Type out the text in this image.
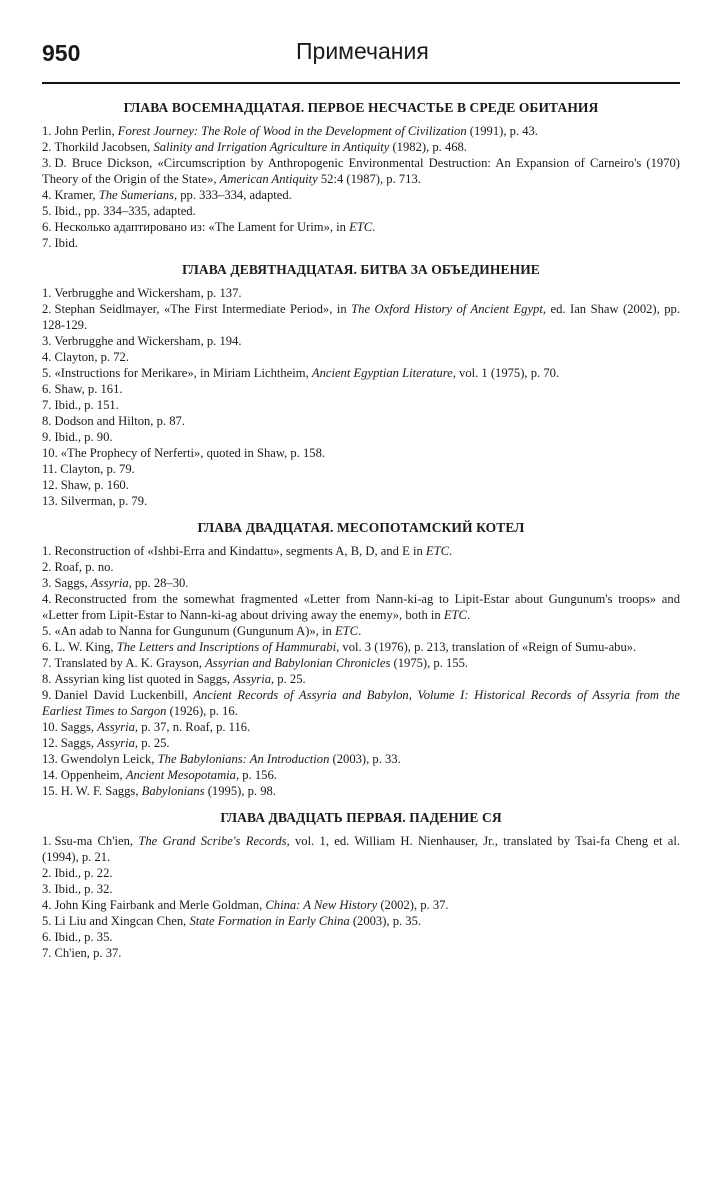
950	Примечания
ГЛАВА ВОСЕМНАДЦАТАЯ. ПЕРВОЕ НЕСЧАСТЬЕ В СРЕДЕ ОБИТАНИЯ
1. John Perlin, Forest Journey: The Role of Wood in the Development of Civilization (1991), p. 43.
2. Thorkild Jacobsen, Salinity and Irrigation Agriculture in Antiquity (1982), p. 468.
3. D. Bruce Dickson, «Circumscription by Anthropogenic Environmental Destruction: An Expansion of Carneiro's (1970) Theory of the Origin of the State», American Antiquity 52:4 (1987), p. 713.
4. Kramer, The Sumerians, pp. 333–334, adapted.
5. Ibid., pp. 334–335, adapted.
6. Несколько адаптировано из: «The Lament for Urim», in ETC.
7. Ibid.
ГЛАВА ДЕВЯТНАДЦАТАЯ. БИТВА ЗА ОБЪЕДИНЕНИЕ
1. Verbrugghe and Wickersham, p. 137.
2. Stephan Seidlmayer, «The First Intermediate Period», in The Oxford History of Ancient Egypt, ed. Ian Shaw (2002), pp. 128-129.
3. Verbrugghe and Wickersham, p. 194.
4. Clayton, p. 72.
5. «Instructions for Merikare», in Miriam Lichtheim, Ancient Egyptian Literature, vol. 1 (1975), p. 70.
6. Shaw, p. 161.
7. Ibid., p. 151.
8. Dodson and Hilton, p. 87.
9. Ibid., p. 90.
10. «The Prophecy of Nerferti», quoted in Shaw, p. 158.
11. Clayton, p. 79.
12. Shaw, p. 160.
13. Silverman, p. 79.
ГЛАВА ДВАДЦАТАЯ. МЕСОПОТАМСКИЙ КОТЕЛ
1. Reconstruction of «Ishbi-Erra and Kindattu», segments A, B, D, and E in ETC.
2. Roaf, p. no.
3. Saggs, Assyria, pp. 28–30.
4. Reconstructed from the somewhat fragmented «Letter from Nann-ki-ag to Lipit-Estar about Gungunum's troops» and «Letter from Lipit-Estar to Nann-ki-ag about driving away the enemy», both in ETC.
5. «An adab to Nanna for Gungunum (Gungunum A)», in ETC.
6. L. W. King, The Letters and Inscriptions of Hammurabi, vol. 3 (1976), p. 213, translation of «Reign of Sumu-abu».
7. Translated by A. K. Grayson, Assyrian and Babylonian Chronicles (1975), p. 155.
8. Assyrian king list quoted in Saggs, Assyria, p. 25.
9. Daniel David Luckenbill, Ancient Records of Assyria and Babylon, Volume I: Historical Records of Assyria from the Earliest Times to Sargon (1926), p. 16.
10. Saggs, Assyria, p. 37, n. Roaf, p. 116.
12. Saggs, Assyria, p. 25.
13. Gwendolyn Leick, The Babylonians: An Introduction (2003), p. 33.
14. Oppenheim, Ancient Mesopotamia, p. 156.
15. H. W. F. Saggs, Babylonians (1995), p. 98.
ГЛАВА ДВАДЦАТЬ ПЕРВАЯ. ПАДЕНИЕ СЯ
1. Ssu-ma Ch'ien, The Grand Scribe's Records, vol. 1, ed. William H. Nienhauser, Jr., translated by Tsai-fa Cheng et al. (1994), p. 21.
2. Ibid., p. 22.
3. Ibid., p. 32.
4. John King Fairbank and Merle Goldman, China: A New History (2002), p. 37.
5. Li Liu and Xingcan Chen, State Formation in Early China (2003), p. 35.
6. Ibid., p. 35.
7. Ch'ien, p. 37.
